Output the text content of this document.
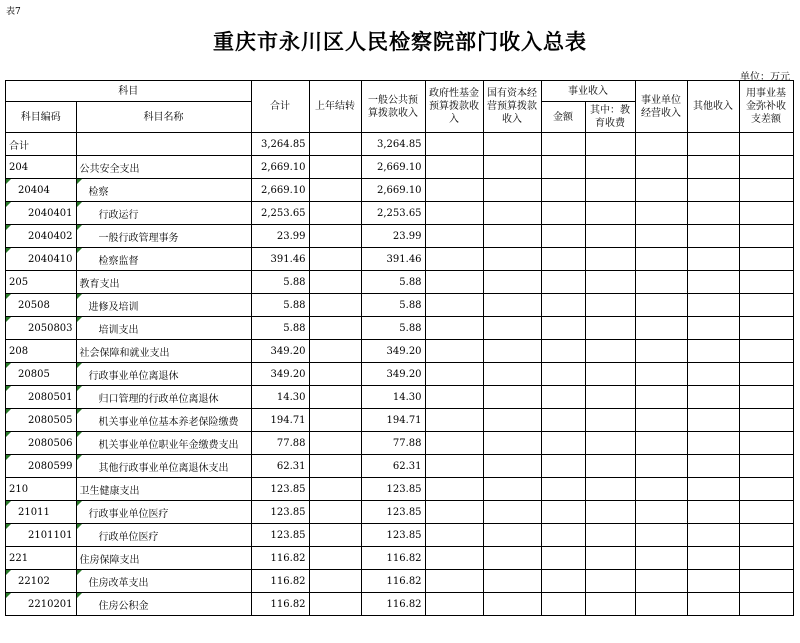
表7
重庆市永川区人民检察院部门收入总表
单位：万元
科目		合计	上年结转	一般公共预算拨款收入	政府性基金预算拨款收入	国有资本经营预算拨款收入	事业收入		事业单位经营收入	其他收入	用事业基金弥补收支差额
科目编码	科目名称						金额	其中：教育收费			
合计		3,264.85		3,264.85							
204	公共安全支出	2,669.10		2,669.10							
20404	检察	2,669.10		2,669.10							
2040401	行政运行	2,253.65		2,253.65							
2040402	一般行政管理事务	23.99		23.99							
2040410	检察监督	391.46		391.46							
205	教育支出	5.88		5.88							
20508	进修及培训	5.88		5.88							
2050803	培训支出	5.88		5.88							
208	社会保障和就业支出	349.20		349.20							
20805	行政事业单位离退休	349.20		349.20							
2080501	归口管理的行政单位离退休	14.30		14.30							
2080505	机关事业单位基本养老保险缴费	194.71		194.71							
2080506	机关事业单位职业年金缴费支出	77.88		77.88							
2080599	其他行政事业单位离退休支出	62.31		62.31							
210	卫生健康支出	123.85		123.85							
21011	行政事业单位医疗	123.85		123.85							
2101101	行政单位医疗	123.85		123.85							
221	住房保障支出	116.82		116.82							
22102	住房改革支出	116.82		116.82							
2210201	住房公积金	116.82		116.82							
